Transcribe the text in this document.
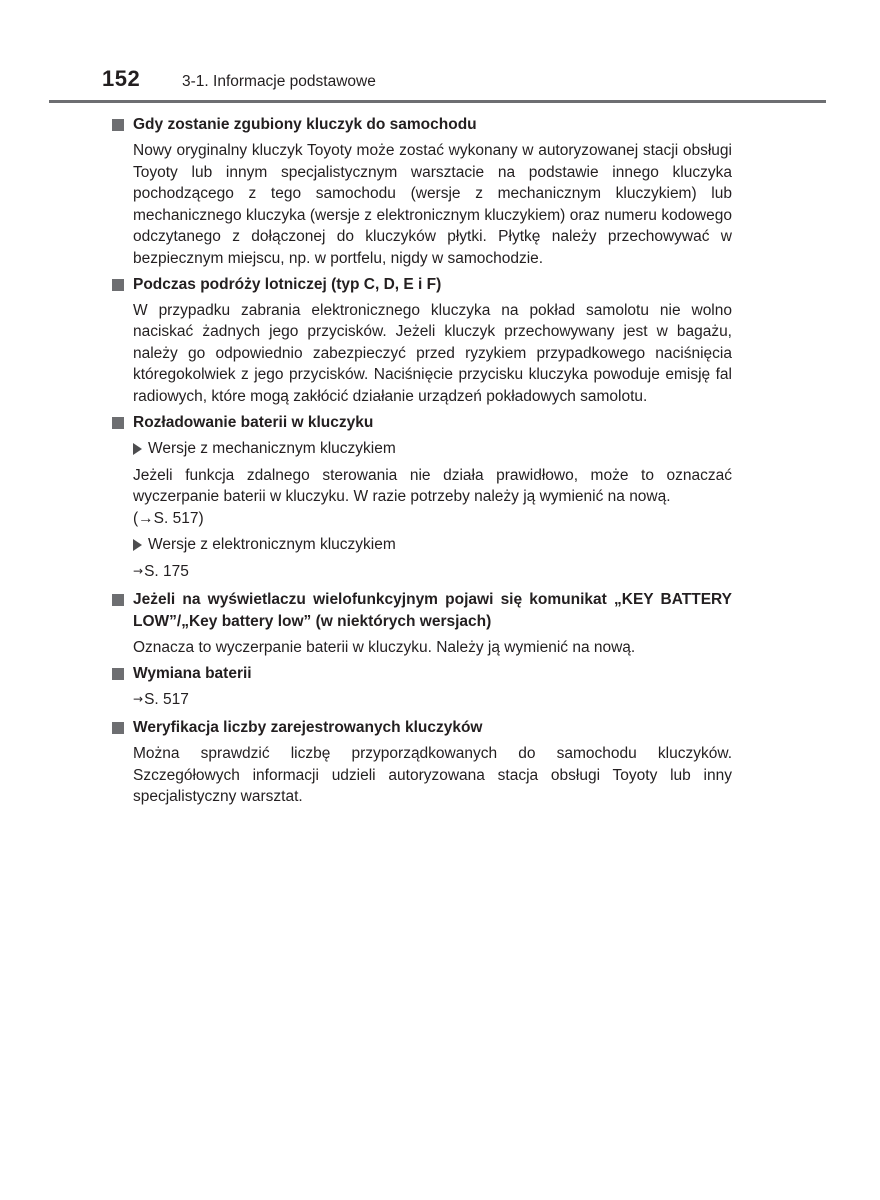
152	3-1. Informacje podstawowe
Gdy zostanie zgubiony kluczyk do samochodu
Nowy oryginalny kluczyk Toyoty może zostać wykonany w autoryzowanej stacji obsługi Toyoty lub innym specjalistycznym warsztacie na podstawie innego kluczyka pochodzącego z tego samochodu (wersje z mechanicznym kluczykiem) lub mechanicznego kluczyka (wersje z elektronicznym kluczykiem) oraz numeru kodowego odczytanego z dołączonej do kluczyków płytki. Płytkę należy przechowywać w bezpiecznym miejscu, np. w portfelu, nigdy w samochodzie.
Podczas podróży lotniczej (typ C, D, E i F)
W przypadku zabrania elektronicznego kluczyka na pokład samolotu nie wolno naciskać żadnych jego przycisków. Jeżeli kluczyk przechowywany jest w bagażu, należy go odpowiednio zabezpieczyć przed ryzykiem przypadkowego naciśnięcia któregokolwiek z jego przycisków. Naciśnięcie przycisku kluczyka powoduje emisję fal radiowych, które mogą zakłócić działanie urządzeń pokładowych samolotu.
Rozładowanie baterii w kluczyku
Wersje z mechanicznym kluczykiem
Jeżeli funkcja zdalnego sterowania nie działa prawidłowo, może to oznaczać wyczerpanie baterii w kluczyku. W razie potrzeby należy ją wymienić na nową.
(→S. 517)
Wersje z elektronicznym kluczykiem
→S. 175
Jeżeli na wyświetlaczu wielofunkcyjnym pojawi się komunikat „KEY BATTERY LOW”/„Key battery low” (w niektórych wersjach)
Oznacza to wyczerpanie baterii w kluczyku. Należy ją wymienić na nową.
Wymiana baterii
→S. 517
Weryfikacja liczby zarejestrowanych kluczyków
Można sprawdzić liczbę przyporządkowanych do samochodu kluczyków. Szczegółowych informacji udzieli autoryzowana stacja obsługi Toyoty lub inny specjalistyczny warsztat.
